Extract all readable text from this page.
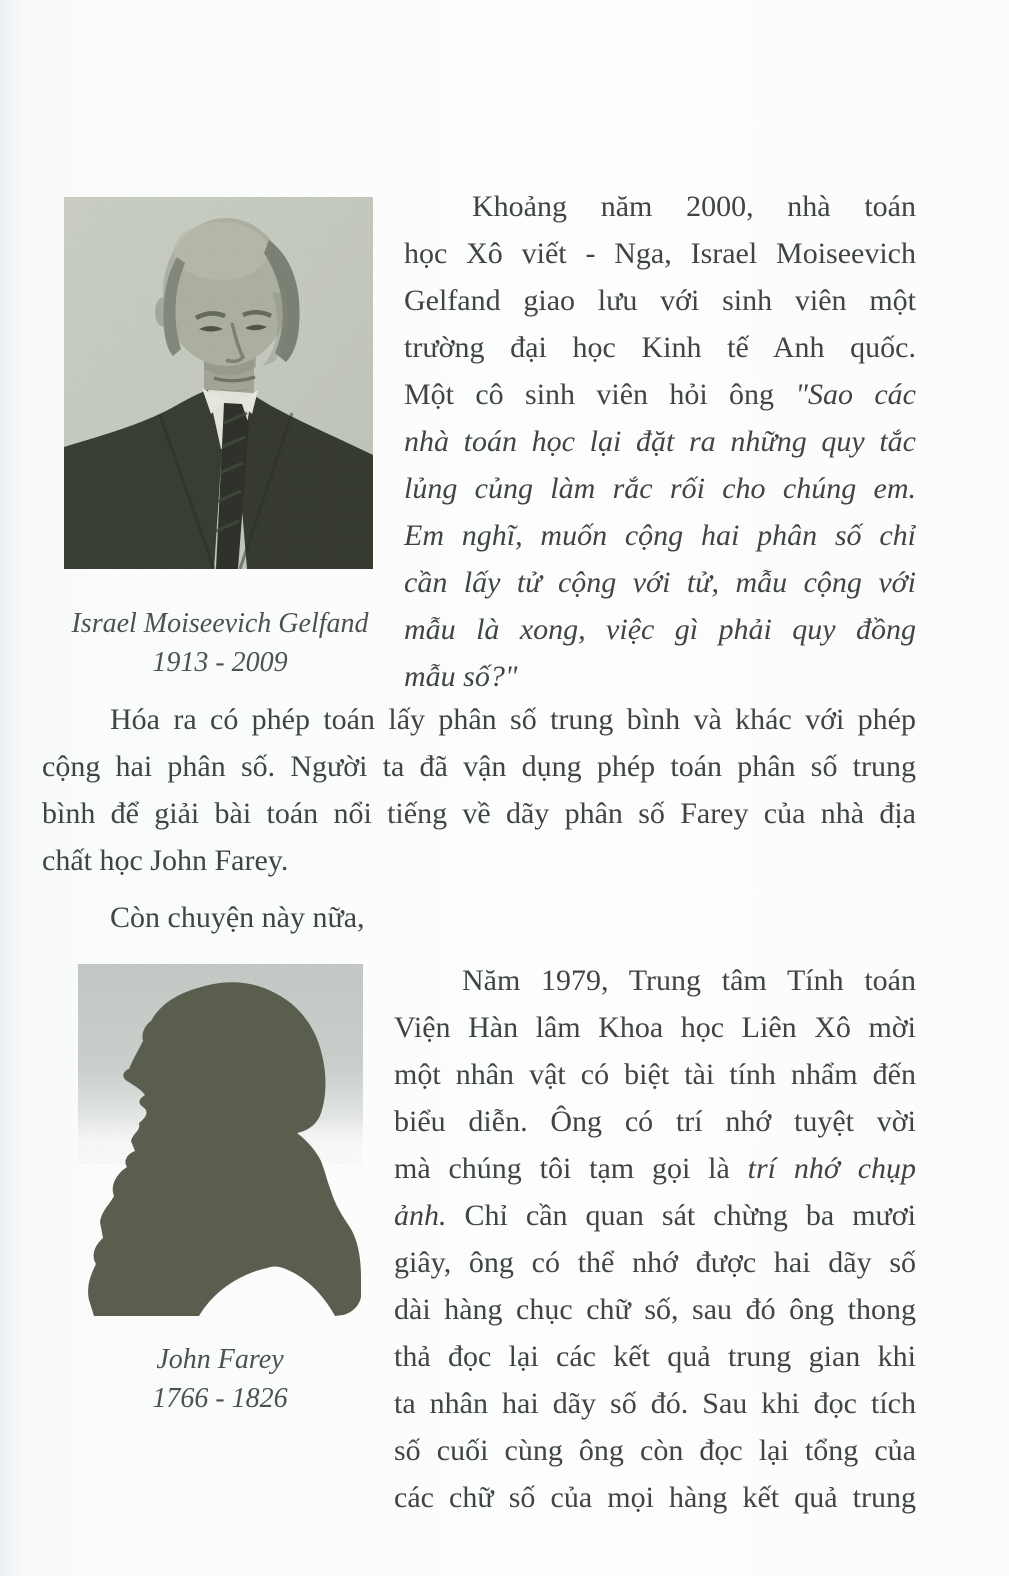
Israel Moiseevich Gelfand
1913 - 2009
Khoảng năm 2000, nhà toán
học Xô viết - Nga, Israel Moiseevich
Gelfand giao lưu với sinh viên một
trường đại học Kinh tế Anh quốc.
Một cô sinh viên hỏi ông "Sao các
nhà toán học lại đặt ra những quy tắc
lủng củng làm rắc rối cho chúng em.
Em nghĩ, muốn cộng hai phân số chỉ
cần lấy tử cộng với tử, mẫu cộng với
mẫu là xong, việc gì phải quy đồng
mẫu số?"
Hóa ra có phép toán lấy phân số trung bình và khác với phép
cộng hai phân số. Người ta đã vận dụng phép toán phân số trung
bình để giải bài toán nổi tiếng về dãy phân số Farey của nhà địa
chất học John Farey.
Còn chuyện này nữa,
John Farey
1766 - 1826
Năm 1979, Trung tâm Tính toán
Viện Hàn lâm Khoa học Liên Xô mời
một nhân vật có biệt tài tính nhẩm đến
biểu diễn. Ông có trí nhớ tuyệt vời
mà chúng tôi tạm gọi là trí nhớ chụp
ảnh. Chỉ cần quan sát chừng ba mươi
giây, ông có thể nhớ được hai dãy số
dài hàng chục chữ số, sau đó ông thong
thả đọc lại các kết quả trung gian khi
ta nhân hai dãy số đó. Sau khi đọc tích
số cuối cùng ông còn đọc lại tổng của
các chữ số của mọi hàng kết quả trung
